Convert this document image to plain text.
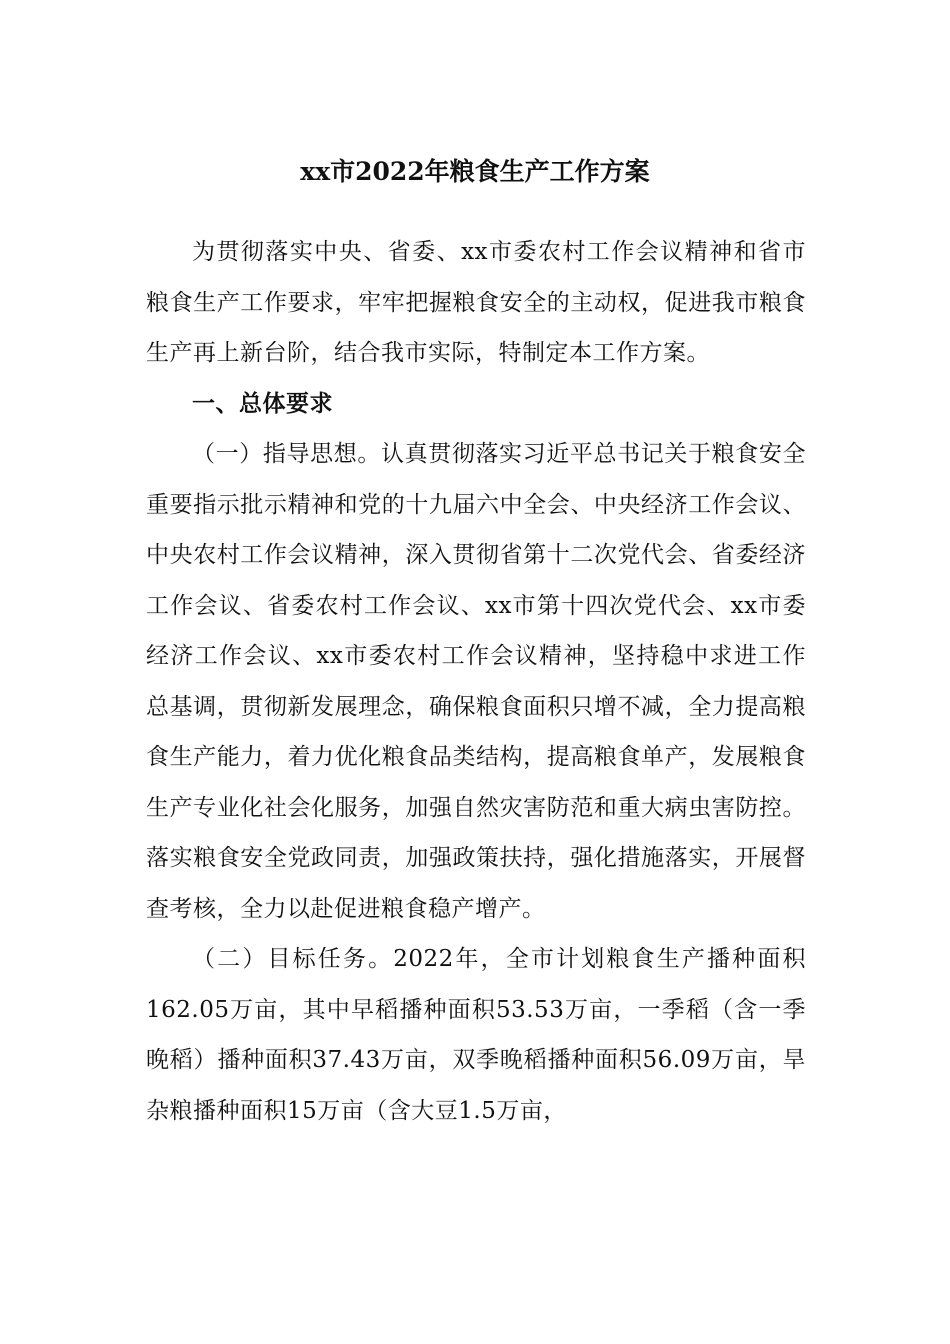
xx市2022年粮食生产工作方案

为贯彻落实中央、省委、xx市委农村工作会议精神和省市粮食生产工作要求，牢牢把握粮食安全的主动权，促进我市粮食生产再上新台阶，结合我市实际，特制定本工作方案。

一、总体要求

（一）指导思想。认真贯彻落实习近平总书记关于粮食安全重要指示批示精神和党的十九届六中全会、中央经济工作会议、中央农村工作会议精神，深入贯彻省第十二次党代会、省委经济工作会议、省委农村工作会议、xx市第十四次党代会、xx市委经济工作会议、xx市委农村工作会议精神，坚持稳中求进工作总基调，贯彻新发展理念，确保粮食面积只增不减，全力提高粮食生产能力，着力优化粮食品类结构，提高粮食单产，发展粮食生产专业化社会化服务，加强自然灾害防范和重大病虫害防控。落实粮食安全党政同责，加强政策扶持，强化措施落实，开展督查考核，全力以赴促进粮食稳产增产。

（二）目标任务。2022年，全市计划粮食生产播种面积162.05万亩，其中早稻播种面积53.53万亩，一季稻（含一季晚稻）播种面积37.43万亩，双季晚稻播种面积56.09万亩，旱杂粮播种面积15万亩（含大豆1.5万亩，
